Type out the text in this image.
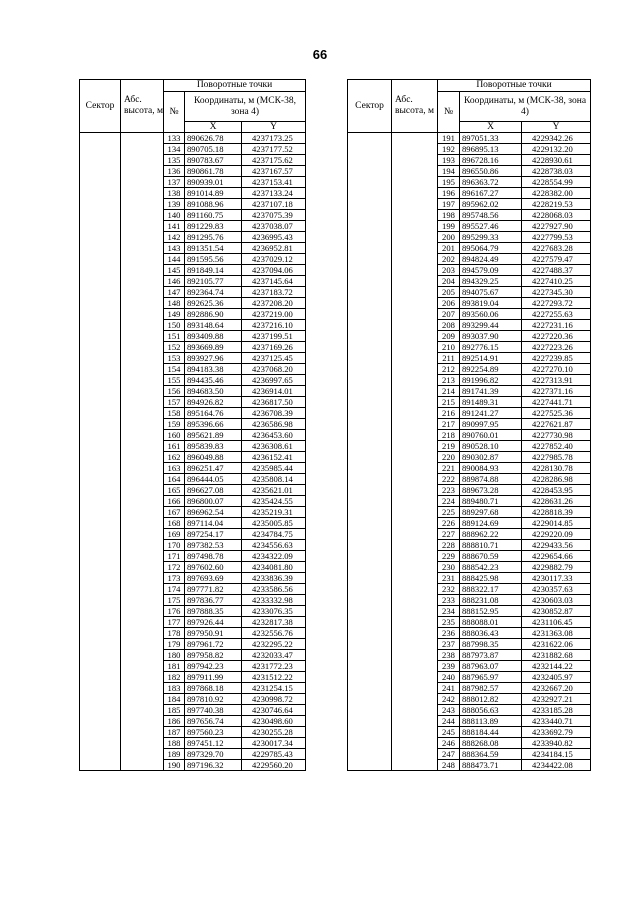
66
Сектор	Абс. высота, м	Поворотные точки		
		№	Координаты, м (МСК-38, зона 4)	
			X	Y
		133	890626.78	4237173.25
		134	890705.18	4237177.52
		135	890783.67	4237175.62
		136	890861.78	4237167.57
		137	890939.01	4237153.41
		138	891014.89	4237133.24
		139	891088.96	4237107.18
		140	891160.75	4237075.39
		141	891229.83	4237038.07
		142	891295.76	4236995.43
		143	891351.54	4236952.81
		144	891595.56	4237029.12
		145	891849.14	4237094.06
		146	892105.77	4237145.64
		147	892364.74	4237183.72
		148	892625.36	4237208.20
		149	892886.90	4237219.00
		150	893148.64	4237216.10
		151	893409.88	4237199.51
		152	893669.89	4237169.26
		153	893927.96	4237125.45
		154	894183.38	4237068.20
		155	894435.46	4236997.65
		156	894683.50	4236914.01
		157	894926.82	4236817.50
		158	895164.76	4236708.39
		159	895396.66	4236586.98
		160	895621.89	4236453.60
		161	895839.83	4236308.61
		162	896049.88	4236152.41
		163	896251.47	4235985.44
		164	896444.05	4235808.14
		165	896627.08	4235621.01
		166	896800.07	4235424.55
		167	896962.54	4235219.31
		168	897114.04	4235005.85
		169	897254.17	4234784.75
		170	897382.53	4234556.63
		171	897498.78	4234322.09
		172	897602.60	4234081.80
		173	897693.69	4233836.39
		174	897771.82	4233586.56
		175	897836.77	4233332.98
		176	897888.35	4233076.35
		177	897926.44	4232817.38
		178	897950.91	4232556.76
		179	897961.72	4232295.22
		180	897958.82	4232033.47
		181	897942.23	4231772.23
		182	897911.99	4231512.22
		183	897868.18	4231254.15
		184	897810.92	4230998.72
		185	897740.38	4230746.64
		186	897656.74	4230498.60
		187	897560.23	4230255.28
		188	897451.12	4230017.34
		189	897329.70	4229785.43
		190	897196.32	4229560.20
Сектор	Абс. высота, м	Поворотные точки		
		№	Координаты, м (МСК-38, зона 4)	
			X	Y
		191	897051.33	4229342.26
		192	896895.13	4229132.20
		193	896728.16	4228930.61
		194	896550.86	4228738.03
		195	896363.72	4228554.99
		196	896167.27	4228382.00
		197	895962.02	4228219.53
		198	895748.56	4228068.03
		199	895527.46	4227927.90
		200	895299.33	4227799.53
		201	895064.79	4227683.28
		202	894824.49	4227579.47
		203	894579.09	4227488.37
		204	894329.25	4227410.25
		205	894075.67	4227345.30
		206	893819.04	4227293.72
		207	893560.06	4227255.63
		208	893299.44	4227231.16
		209	893037.90	4227220.36
		210	892776.15	4227223.26
		211	892514.91	4227239.85
		212	892254.89	4227270.10
		213	891996.82	4227313.91
		214	891741.39	4227371.16
		215	891489.31	4227441.71
		216	891241.27	4227525.36
		217	890997.95	4227621.87
		218	890760.01	4227730.98
		219	890528.10	4227852.40
		220	890302.87	4227985.78
		221	890084.93	4228130.78
		222	889874.88	4228286.98
		223	889673.28	4228453.95
		224	889480.71	4228631.26
		225	889297.68	4228818.39
		226	889124.69	4229014.85
		227	888962.22	4229220.09
		228	888810.71	4229433.56
		229	888670.59	4229654.66
		230	888542.23	4229882.79
		231	888425.98	4230117.33
		232	888322.17	4230357.63
		233	888231.08	4230603.03
		234	888152.95	4230852.87
		235	888088.01	4231106.45
		236	888036.43	4231363.08
		237	887998.35	4231622.06
		238	887973.87	4231882.68
		239	887963.07	4232144.22
		240	887965.97	4232405.97
		241	887982.57	4232667.20
		242	888012.82	4232927.21
		243	888056.63	4233185.28
		244	888113.89	4233440.71
		245	888184.44	4233692.79
		246	888268.08	4233940.82
		247	888364.59	4234184.15
		248	888473.71	4234422.08
